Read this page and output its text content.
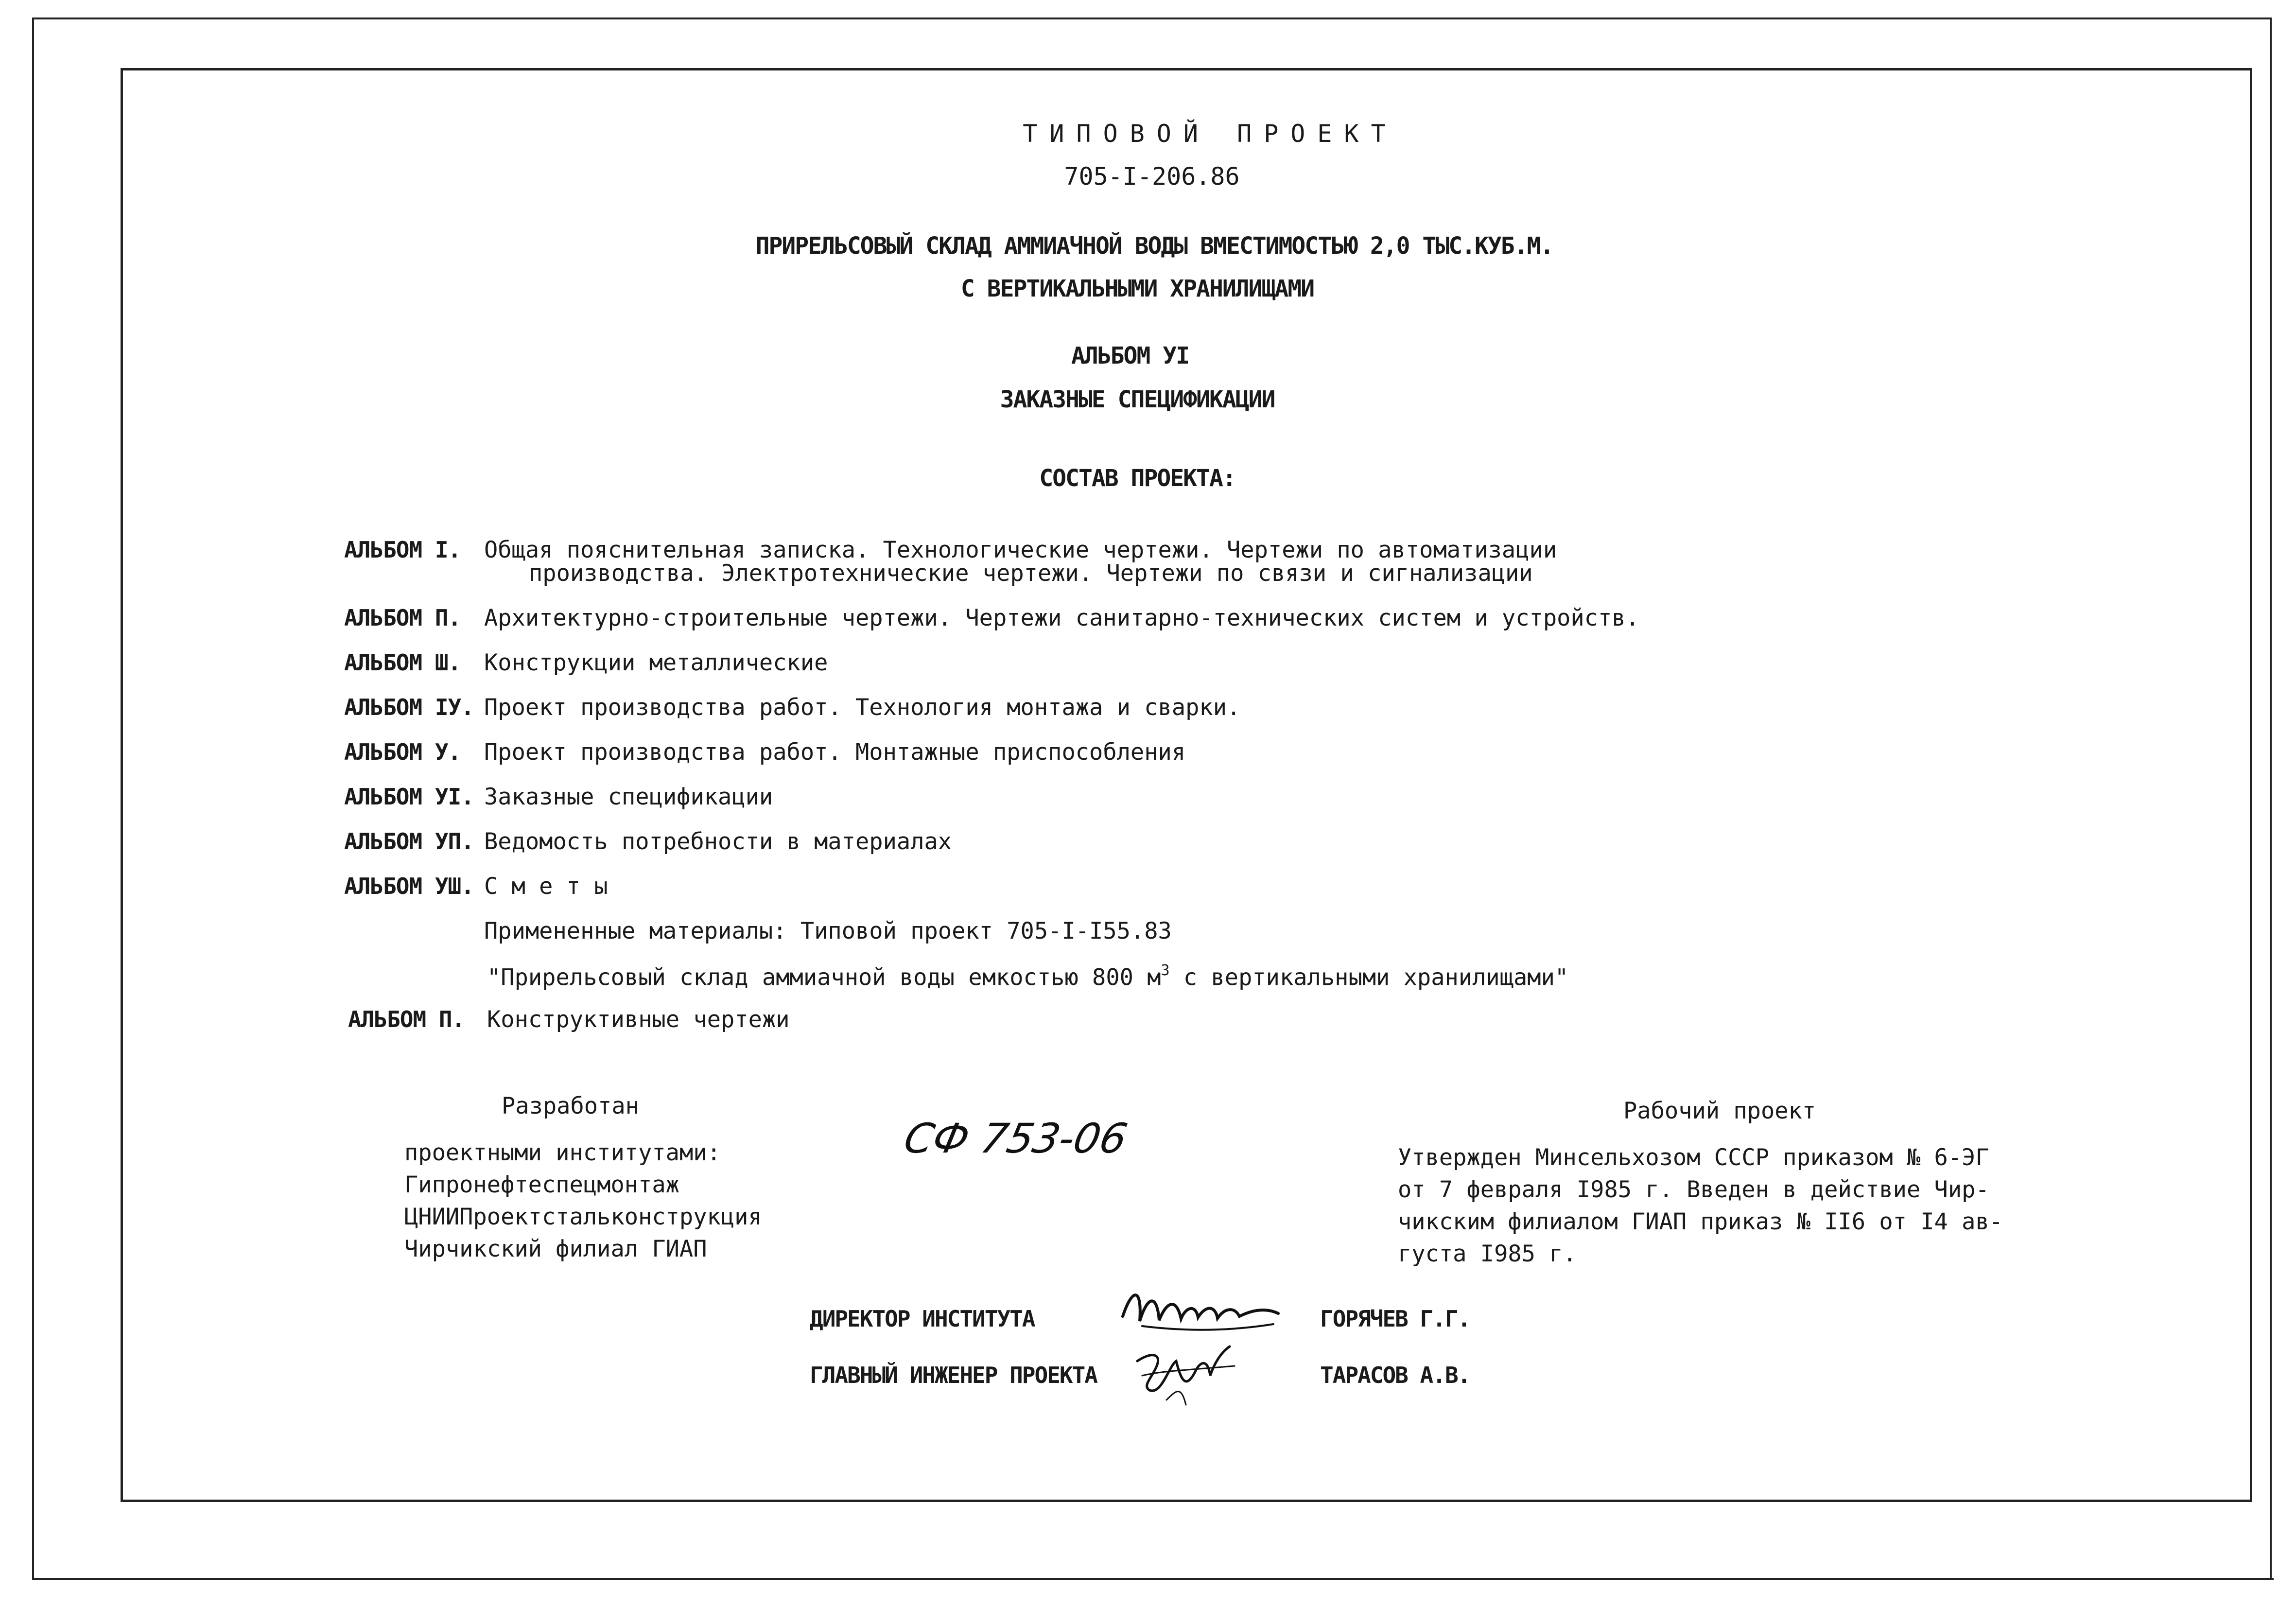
ТИПОВОЙ ПРОЕКТ
705-I-206.86
ПРИРЕЛЬСОВЫЙ СКЛАД АММИАЧНОЙ ВОДЫ ВМЕСТИМОСТЬЮ 2,0 ТЫС.КУБ.М.
С ВЕРТИКАЛЬНЫМИ ХРАНИЛИЩАМИ
АЛЬБОМ УI
ЗАКАЗНЫЕ СПЕЦИФИКАЦИИ
СОСТАВ ПРОЕКТА:
АЛЬБОМ I. Общая пояснительная записка. Технологические чертежи. Чертежи по автоматизации
производства. Электротехнические чертежи. Чертежи по связи и сигнализации
АЛЬБОМ П. Архитектурно-строительные чертежи. Чертежи санитарно-технических систем и устройств.
АЛЬБОМ Ш. Конструкции металлические
АЛЬБОМ IУ. Проект производства работ. Технология монтажа и сварки.
АЛЬБОМ У. Проект производства работ. Монтажные приспособления
АЛЬБОМ УI. Заказные спецификации
АЛЬБОМ УП. Ведомость потребности в материалах
АЛЬБОМ УШ. С м е т ы
Примененные материалы: Типовой проект 705-I-I55.83
"Прирельсовый склад аммиачной воды емкостью 800 $м^3$ с вертикальными хранилищами"
АЛЬБОМ П. Конструктивные чертежи
Разработан
проектными институтами:
Гипронефтеспецмонтаж
ЦНИИПроектстальконструкция
Чирчикский филиал ГИАП
СФ 753-06
Рабочий проект
Утвержден Минсельхозом СССР приказом № 6-ЭГ
от 7 февраля I985 г. Введен в действие Чир-
чикским филиалом ГИАП приказ № II6 от I4 ав-
густа I985 г.
ДИРЕКТОР ИНСТИТУТА	ГОРЯЧЕВ Г.Г.
ГЛАВНЫЙ ИНЖЕНЕР ПРОЕКТА	ТАРАСОВ А.В.
